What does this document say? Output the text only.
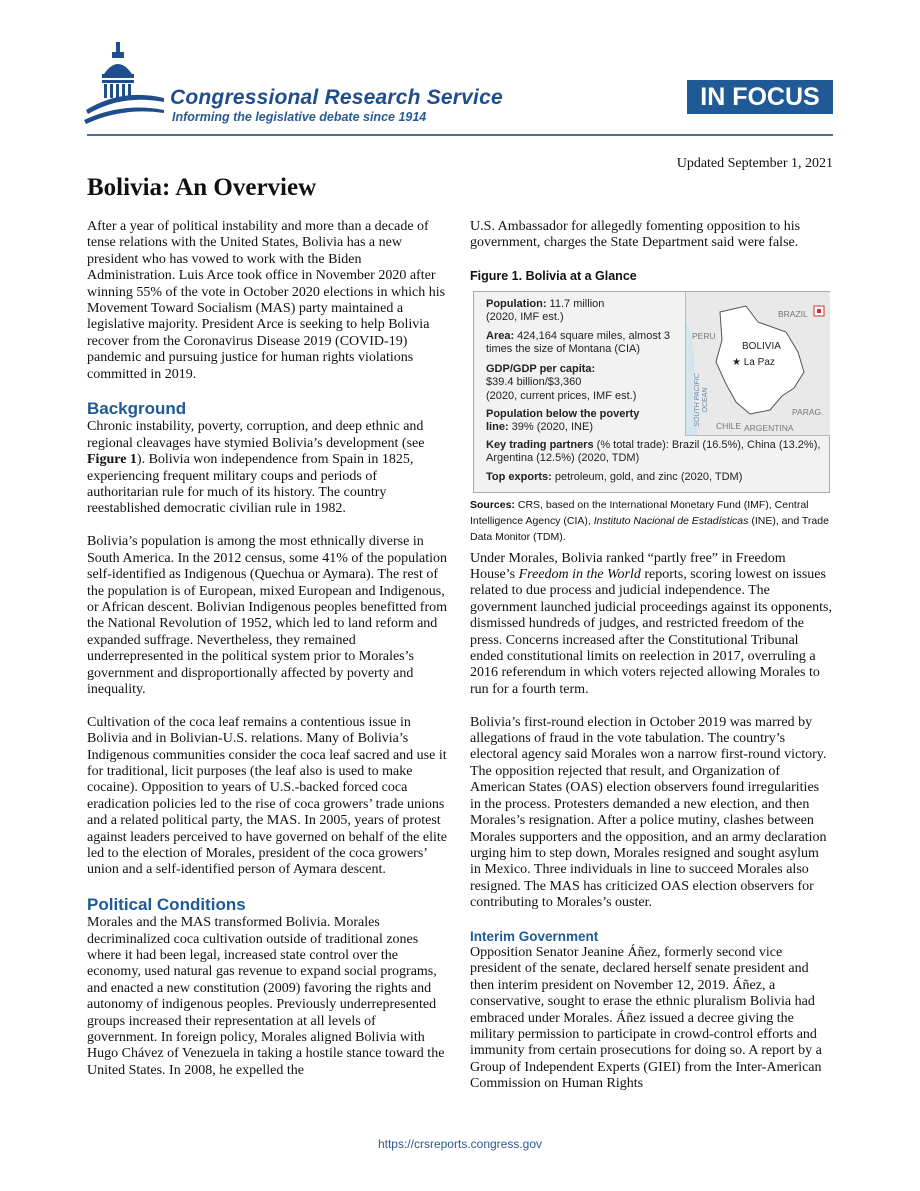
Congressional Research Service
Informing the legislative debate since 1914
IN FOCUS
Updated September 1, 2021
Bolivia: An Overview

After a year of political instability and more than a decade of tense relations with the United States, Bolivia has a new president who has vowed to work with the Biden Administration. Luis Arce took office in November 2020 after winning 55% of the vote in October 2020 elections in which his Movement Toward Socialism (MAS) party maintained a legislative majority. President Arce is seeking to help Bolivia recover from the Coronavirus Disease 2019 (COVID-19) pandemic and pursuing justice for human rights violations committed in 2019.

Background

Chronic instability, poverty, corruption, and deep ethnic and regional cleavages have stymied Bolivia’s development (see Figure 1). Bolivia won independence from Spain in 1825, experiencing frequent military coups and periods of authoritarian rule for much of its history. The country reestablished democratic civilian rule in 1982.

Bolivia’s population is among the most ethnically diverse in South America. In the 2012 census, some 41% of the population self-identified as Indigenous (Quechua or Aymara). The rest of the population is of European, mixed European and Indigenous, or African descent. Bolivian Indigenous peoples benefitted from the National Revolution of 1952, which led to land reform and expanded suffrage. Nevertheless, they remained underrepresented in the political system prior to Morales’s government and disproportionally affected by poverty and inequality.

Cultivation of the coca leaf remains a contentious issue in Bolivia and in Bolivian-U.S. relations. Many of Bolivia’s Indigenous communities consider the coca leaf sacred and use it for traditional, licit purposes (the leaf also is used to make cocaine). Opposition to years of U.S.-backed forced coca eradication policies led to the rise of coca growers’ trade unions and a related political party, the MAS. In 2005, years of protest against leaders perceived to have governed on behalf of the elite led to the election of Morales, president of the coca growers’ union and a self-identified person of Aymara descent.

Political Conditions

Morales and the MAS transformed Bolivia. Morales decriminalized coca cultivation outside of traditional zones where it had been legal, increased state control over the economy, used natural gas revenue to expand social programs, and enacted a new constitution (2009) favoring the rights and autonomy of indigenous peoples. Previously underrepresented groups increased their representation at all levels of government. In foreign policy, Morales aligned Bolivia with Hugo Chávez of Venezuela in taking a hostile stance toward the United States. In 2008, he expelled the

U.S. Ambassador for allegedly fomenting opposition to his government, charges the State Department said were false.

Figure 1. Bolivia at a Glance
Population: 11.7 million
(2020, IMF est.)
Area: 424,164 square miles, almost 3 times the size of Montana (CIA)
GDP/GDP per capita:
$39.4 billion/$3,360
(2020, current prices, IMF est.)
Population below the poverty line: 39% (2020, INE)
Key trading partners (% total trade): Brazil (16.5%), China (13.2%), Argentina (12.5%) (2020, TDM)
Top exports: petroleum, gold, and zinc (2020, TDM)
BRAZIL
PERU
BOLIVIA
★ La Paz
SOUTH PACIFIC OCEAN	PARAG.
CHILE ARGENTINA
Sources: CRS, based on the International Monetary Fund (IMF), Central Intelligence Agency (CIA), Instituto Nacional de Estadísticas (INE), and Trade Data Monitor (TDM).

Under Morales, Bolivia ranked “partly free” in Freedom House’s Freedom in the World reports, scoring lowest on issues related to due process and judicial independence. The government launched judicial proceedings against its opponents, dismissed hundreds of judges, and restricted freedom of the press. Concerns increased after the Constitutional Tribunal ended constitutional limits on reelection in 2017, overruling a 2016 referendum in which voters rejected allowing Morales to run for a fourth term.

Bolivia’s first-round election in October 2019 was marred by allegations of fraud in the vote tabulation. The country’s electoral agency said Morales won a narrow first-round victory. The opposition rejected that result, and Organization of American States (OAS) election observers found irregularities in the process. Protesters demanded a new election, and then Morales’s resignation. After a police mutiny, clashes between Morales supporters and the opposition, and an army declaration urging him to step down, Morales resigned and sought asylum in Mexico. Three individuals in line to succeed Morales also resigned. The MAS has criticized OAS election observers for contributing to Morales’s ouster.

Interim Government

Opposition Senator Jeanine Áñez, formerly second vice president of the senate, declared herself senate president and then interim president on November 12, 2019. Áñez, a conservative, sought to erase the ethnic pluralism Bolivia had embraced under Morales. Áñez issued a decree giving the military permission to participate in crowd-control efforts and immunity from certain prosecutions for doing so. A report by a Group of Independent Experts (GIEI) from the Inter-American Commission on Human Rights

https://crsreports.congress.gov
